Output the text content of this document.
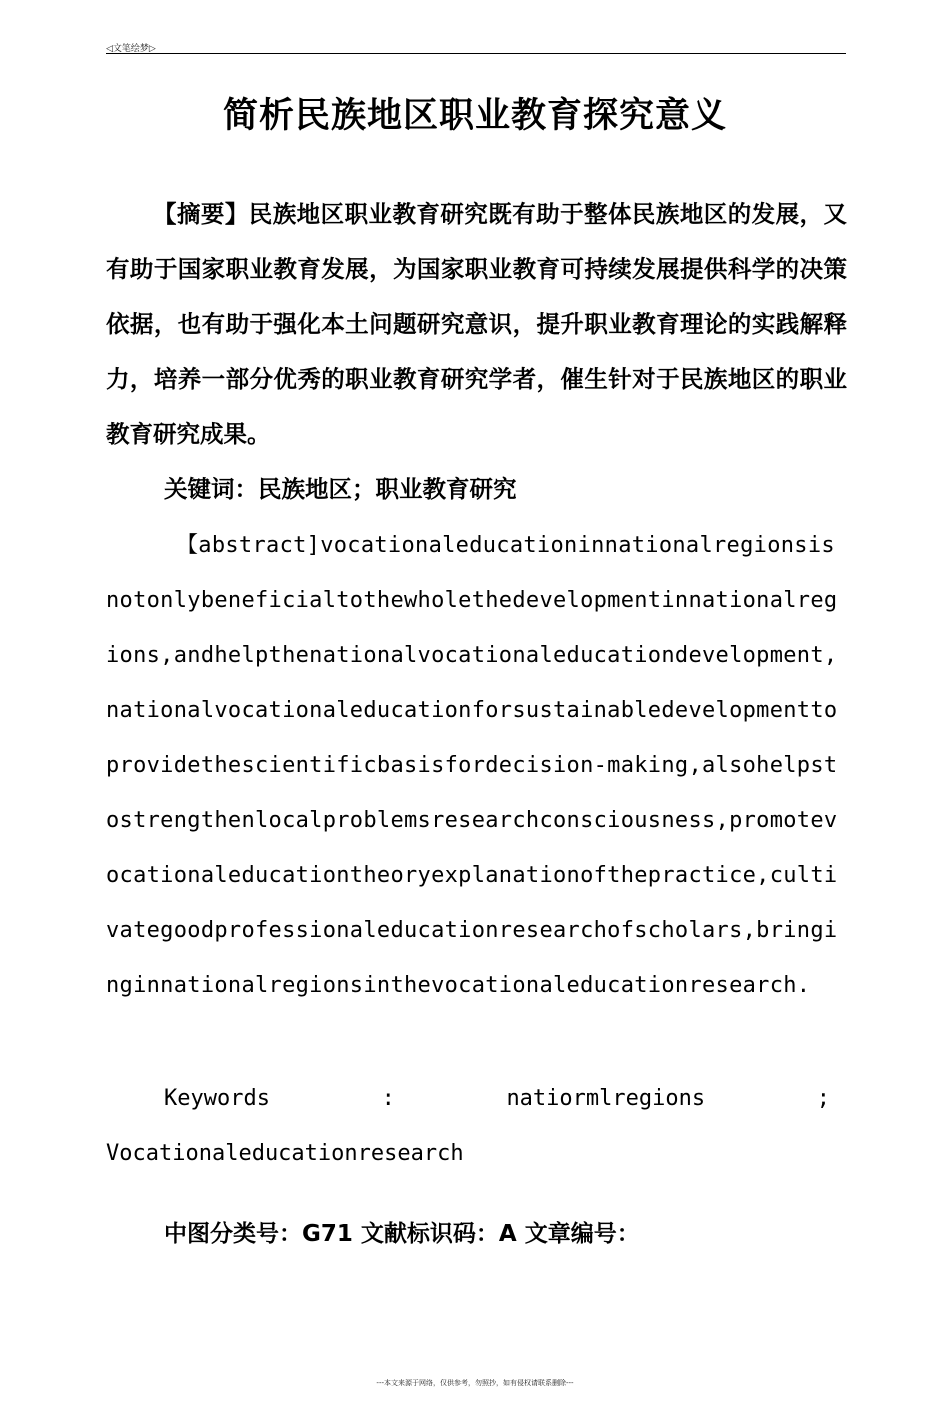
◁文笔绘梦▷
简析民族地区职业教育探究意义

【摘要】民族地区职业教育研究既有助于整体民族地区的发展，又有助于国家职业教育发展，为国家职业教育可持续发展提供科学的决策依据，也有助于强化本土问题研究意识，提升职业教育理论的实践解释力，培养一部分优秀的职业教育研究学者，催生针对于民族地区的职业教育研究成果。

关键词：民族地区；职业教育研究

【abstract]vocationaleducationinnationalregionsisnotonlybeneficialtothewholethedevelopmentinnationalregions,andhelpthenationalvocationaleducationdevelopment,nationalvocationaleducationforsustainabledevelopmenttoprovidethescientificbasisfordecision-making,alsohelpstostrengthenlocalproblemsresearchconsciousness,promotevocationaleducationtheoryexplanationofthepractice,cultivategoodprofessionaleducationresearchofscholars,bringinginnationalregionsinthevocationaleducationresearch.

Keywords	:	natiormlregions	;
Vocationaleducationresearch
中图分类号：G71 文献标识码：A 文章编号：
---本文来源于网络，仅供参考，勿照抄，如有侵权请联系删除---
